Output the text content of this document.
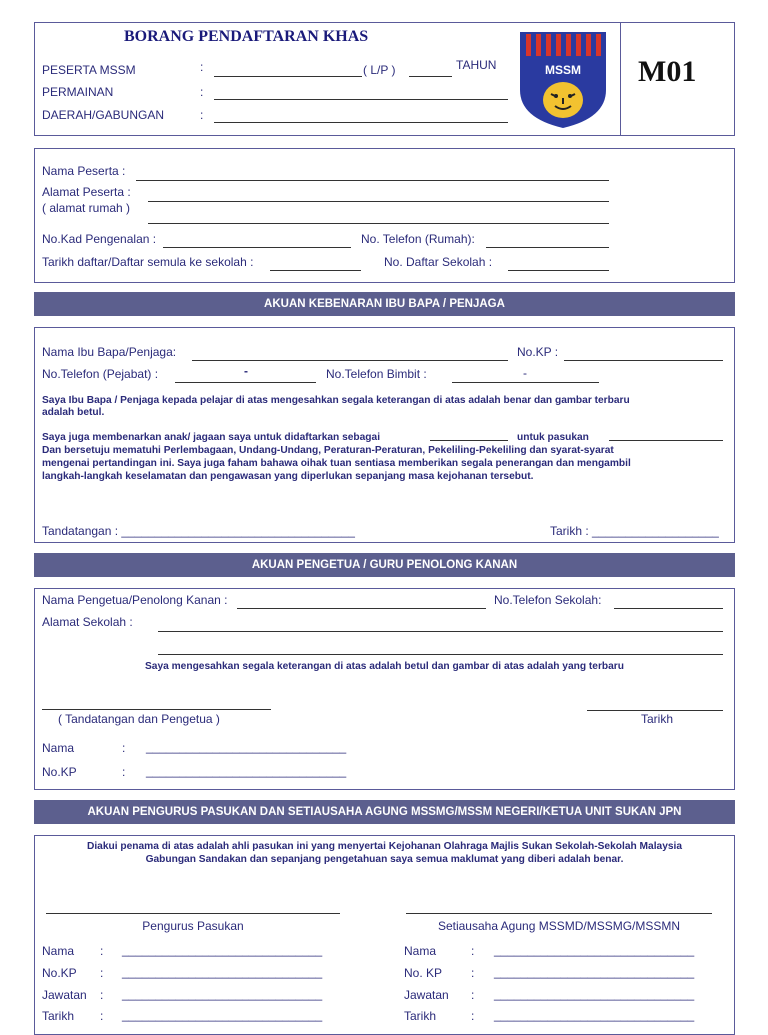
BORANG PENDAFTARAN KHAS
M01
PESERTA MSSM	:	( L/P )	TAHUN
PERMAINAN	:
DAERAH/GABUNGAN	:
MSSM
Nama Peserta :
Alamat Peserta :
( alamat rumah )
No.Kad Pengenalan :	No. Telefon (Rumah):
Tarikh daftar/Daftar semula ke sekolah :	No. Daftar Sekolah :
AKUAN KEBENARAN IBU BAPA / PENJAGA
Nama Ibu Bapa/Penjaga:	No.KP :
No.Telefon (Pejabat) :	-	No.Telefon Bimbit :	-
Saya Ibu Bapa / Penjaga kepada pelajar di atas mengesahkan segala keterangan di atas adalah benar dan gambar terbaru
adalah betul.
Saya juga membenarkan anak/ jagaan saya untuk didaftarkan sebagai	untuk pasukan
Dan bersetuju mematuhi Perlembagaan, Undang-Undang, Peraturan-Peraturan, Pekeliling-Pekeliling dan syarat-syarat
mengenai pertandingan ini. Saya juga faham bahawa oihak tuan sentiasa memberikan segala penerangan dan mengambil
langkah-langkah keselamatan dan pengawasan yang diperlukan sepanjang masa kejohanan tersebut.
Tandatangan : ___________________________________	Tarikh : ___________________
AKUAN PENGETUA / GURU PENOLONG KANAN
Nama Pengetua/Penolong Kanan :	No.Telefon Sekolah:
Alamat Sekolah :
Saya mengesahkan segala keterangan di atas adalah betul dan gambar di atas adalah yang terbaru
( Tandatangan dan Pengetua )	Tarikh
Nama	: ______________________________
No.KP	: ______________________________
AKUAN PENGURUS PASUKAN DAN SETIAUSAHA AGUNG MSSMG/MSSM NEGERI/KETUA UNIT SUKAN JPN
Diakui penama di atas adalah ahli pasukan ini yang menyertai Kejohanan Olahraga Majlis Sukan Sekolah-Sekolah Malaysia
Gabungan Sandakan dan sepanjang pengetahuan saya semua maklumat yang diberi adalah benar.
Pengurus Pasukan	Setiausaha Agung MSSMD/MSSMG/MSSMN
Nama : ______________________________
No.KP : ______________________________
Jawatan : ______________________________
Tarikh : ______________________________
Nama	: ______________________________
No. KP : ______________________________
Jawatan : ______________________________
Tarikh	: ______________________________
